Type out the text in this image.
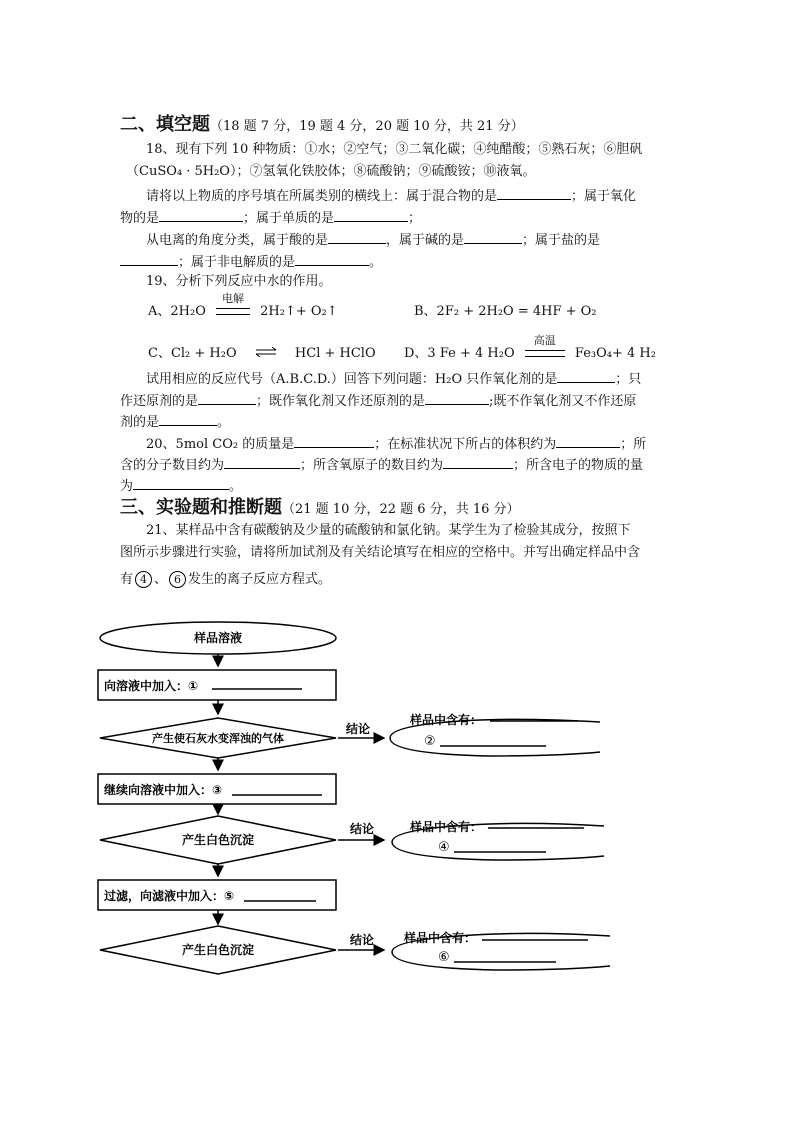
二、填空题（18 题 7 分，19 题 4 分，20 题 10 分，共 21 分）
18、现有下列 10 种物质：①水；②空气；③二氧化碳；④纯醋酸；⑤熟石灰；⑥胆矾
（CuSO₄ · 5H₂O）；⑦氢氧化铁胶体；⑧硫酸钠；⑨硫酸铵；⑩液氧。
请将以上物质的序号填在所属类别的横线上：属于混合物的是	；属于氧化
物的是	；属于单质的是	；
从电离的角度分类，属于酸的是	，属于碱的是	；属于盐的是
；属于非电解质的是	。
19、分析下列反应中水的作用。
A、2H₂O
电解
2H₂↑+ O₂↑	B、2F₂ + 2H₂O = 4HF + O₂
C、Cl₂ + H₂O	HCl + HClO D、3 Fe + 4 H₂O
高温
Fe₃O₄+ 4 H₂
试用相应的反应代号（A.B.C.D.）回答下列问题：H₂O 只作氧化剂的是	；只
作还原剂的是	；既作氧化剂又作还原剂的是	;既不作氧化剂又不作还原
剂的是	。
20、5mol CO₂ 的质量是	；在标准状况下所占的体积约为	；所
含的分子数目约为	；所含氧原子的数目约为	；所含电子的物质的量
为	。
三、实验题和推断题（21 题 10 分，22 题 6 分，共 16 分）
21、某样品中含有碳酸钠及少量的硫酸钠和氯化钠。某学生为了检验其成分，按照下
图所示步骤进行实验，请将所加试剂及有关结论填写在相应的空格中。并写出确定样品中含
有 4 、 6 发生的离子反应方程式。
样品溶液
向溶液中加入：①
产生使石灰水变浑浊的气体
继续向溶液中加入：③
产生白色沉淀
过滤，向滤液中加入：⑤
产生白色沉淀
结论
结论
结论
样品中含有：
样品中含有：
样品中含有：
②
④
⑥
